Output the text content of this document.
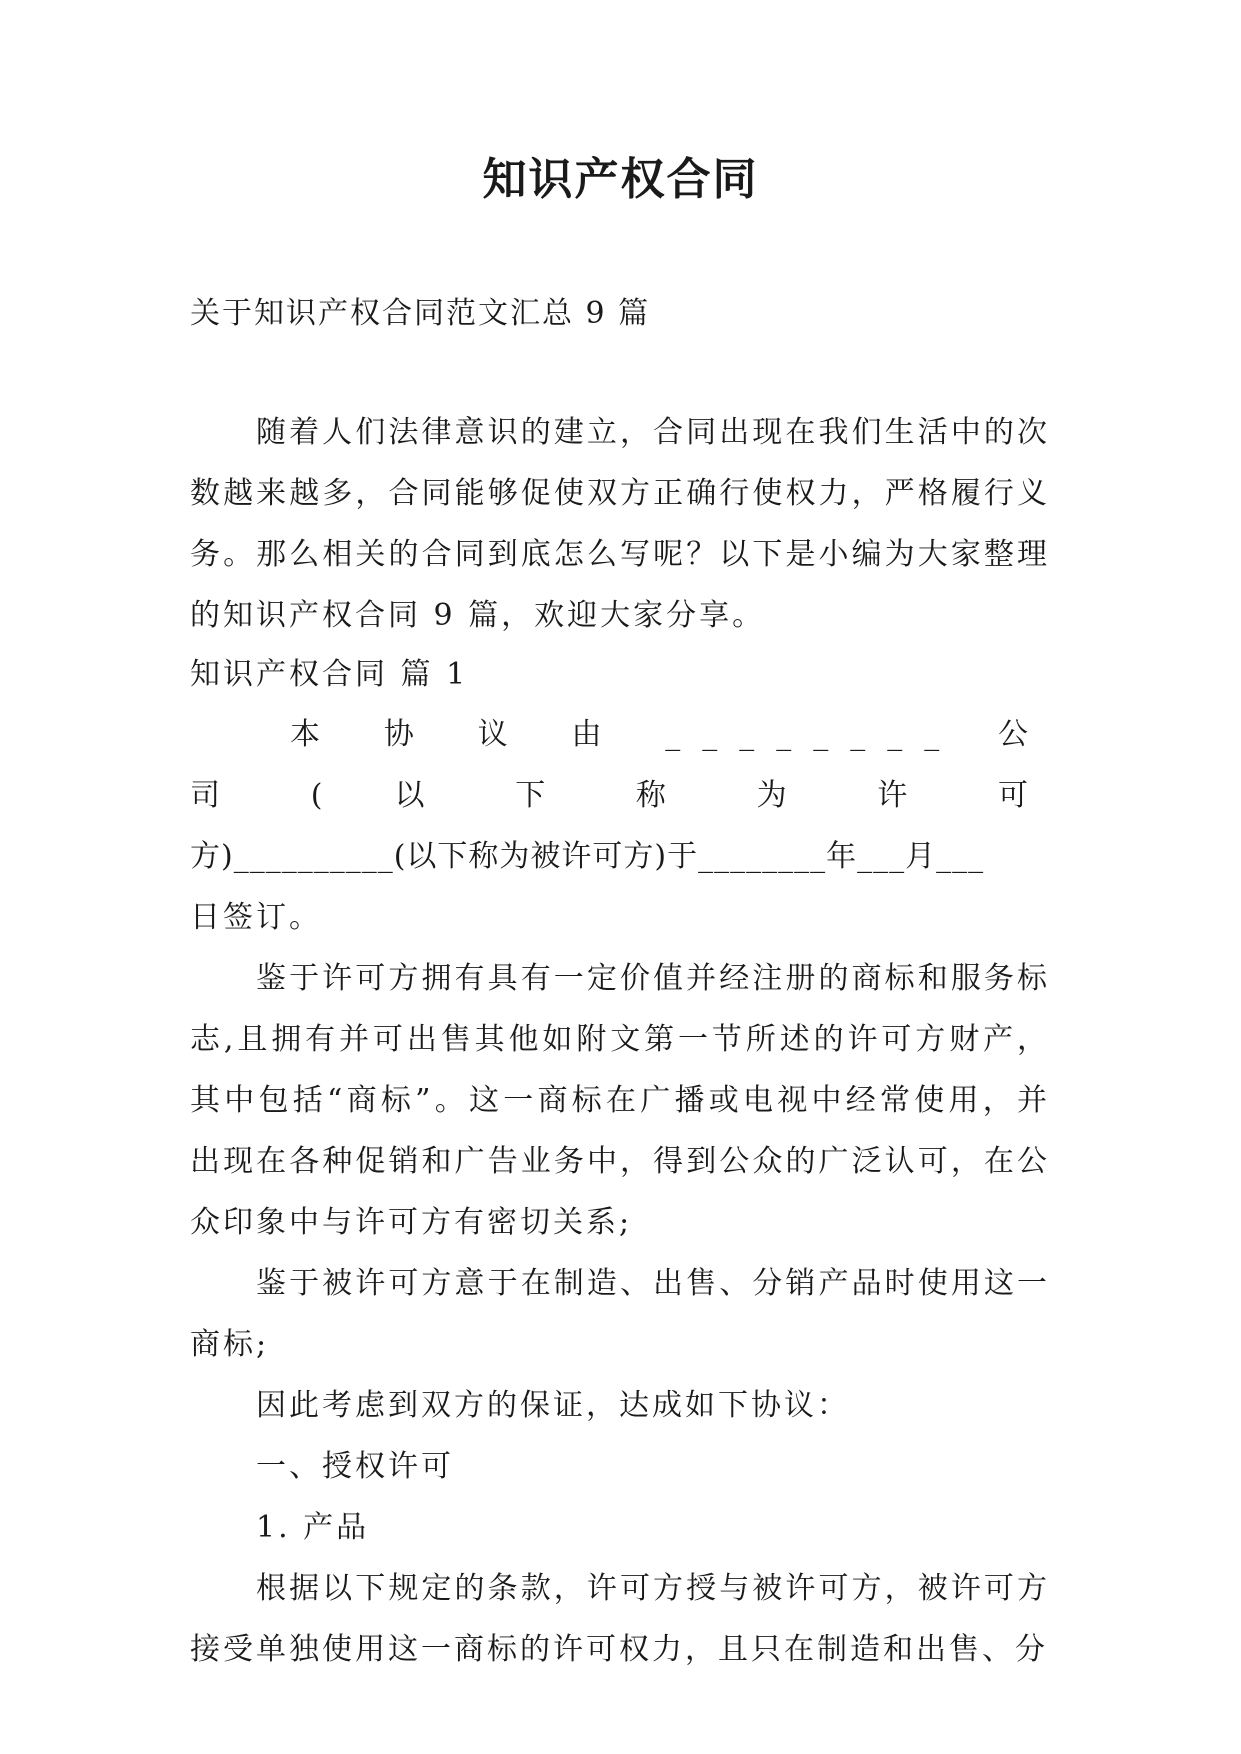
知识产权合同
关于知识产权合同范文汇总 9 篇

随着人们法律意识的建立，合同出现在我们生活中的次数越来越多，合同能够促使双方正确行使权力，严格履行义务。那么相关的合同到底怎么写呢？以下是小编为大家整理的知识产权合同 9 篇，欢迎大家分享。

知识产权合同 篇 1

本 协 议 由 ________ 公 司 ( 以 下 称 为 许 可

方)__________(以下称为被许可方)于________年___月___

日签订。

鉴于许可方拥有具有一定价值并经注册的商标和服务标志,且拥有并可出售其他如附文第一节所述的许可方财产，其中包括“商标”。这一商标在广播或电视中经常使用，并出现在各种促销和广告业务中，得到公众的广泛认可，在公众印象中与许可方有密切关系;

鉴于被许可方意于在制造、出售、分销产品时使用这一商标;

因此考虑到双方的保证，达成如下协议：

一、授权许可

1. 产品

根据以下规定的条款，许可方授与被许可方，被许可方接受单独使用这一商标的许可权力，且只在制造和出售、分
